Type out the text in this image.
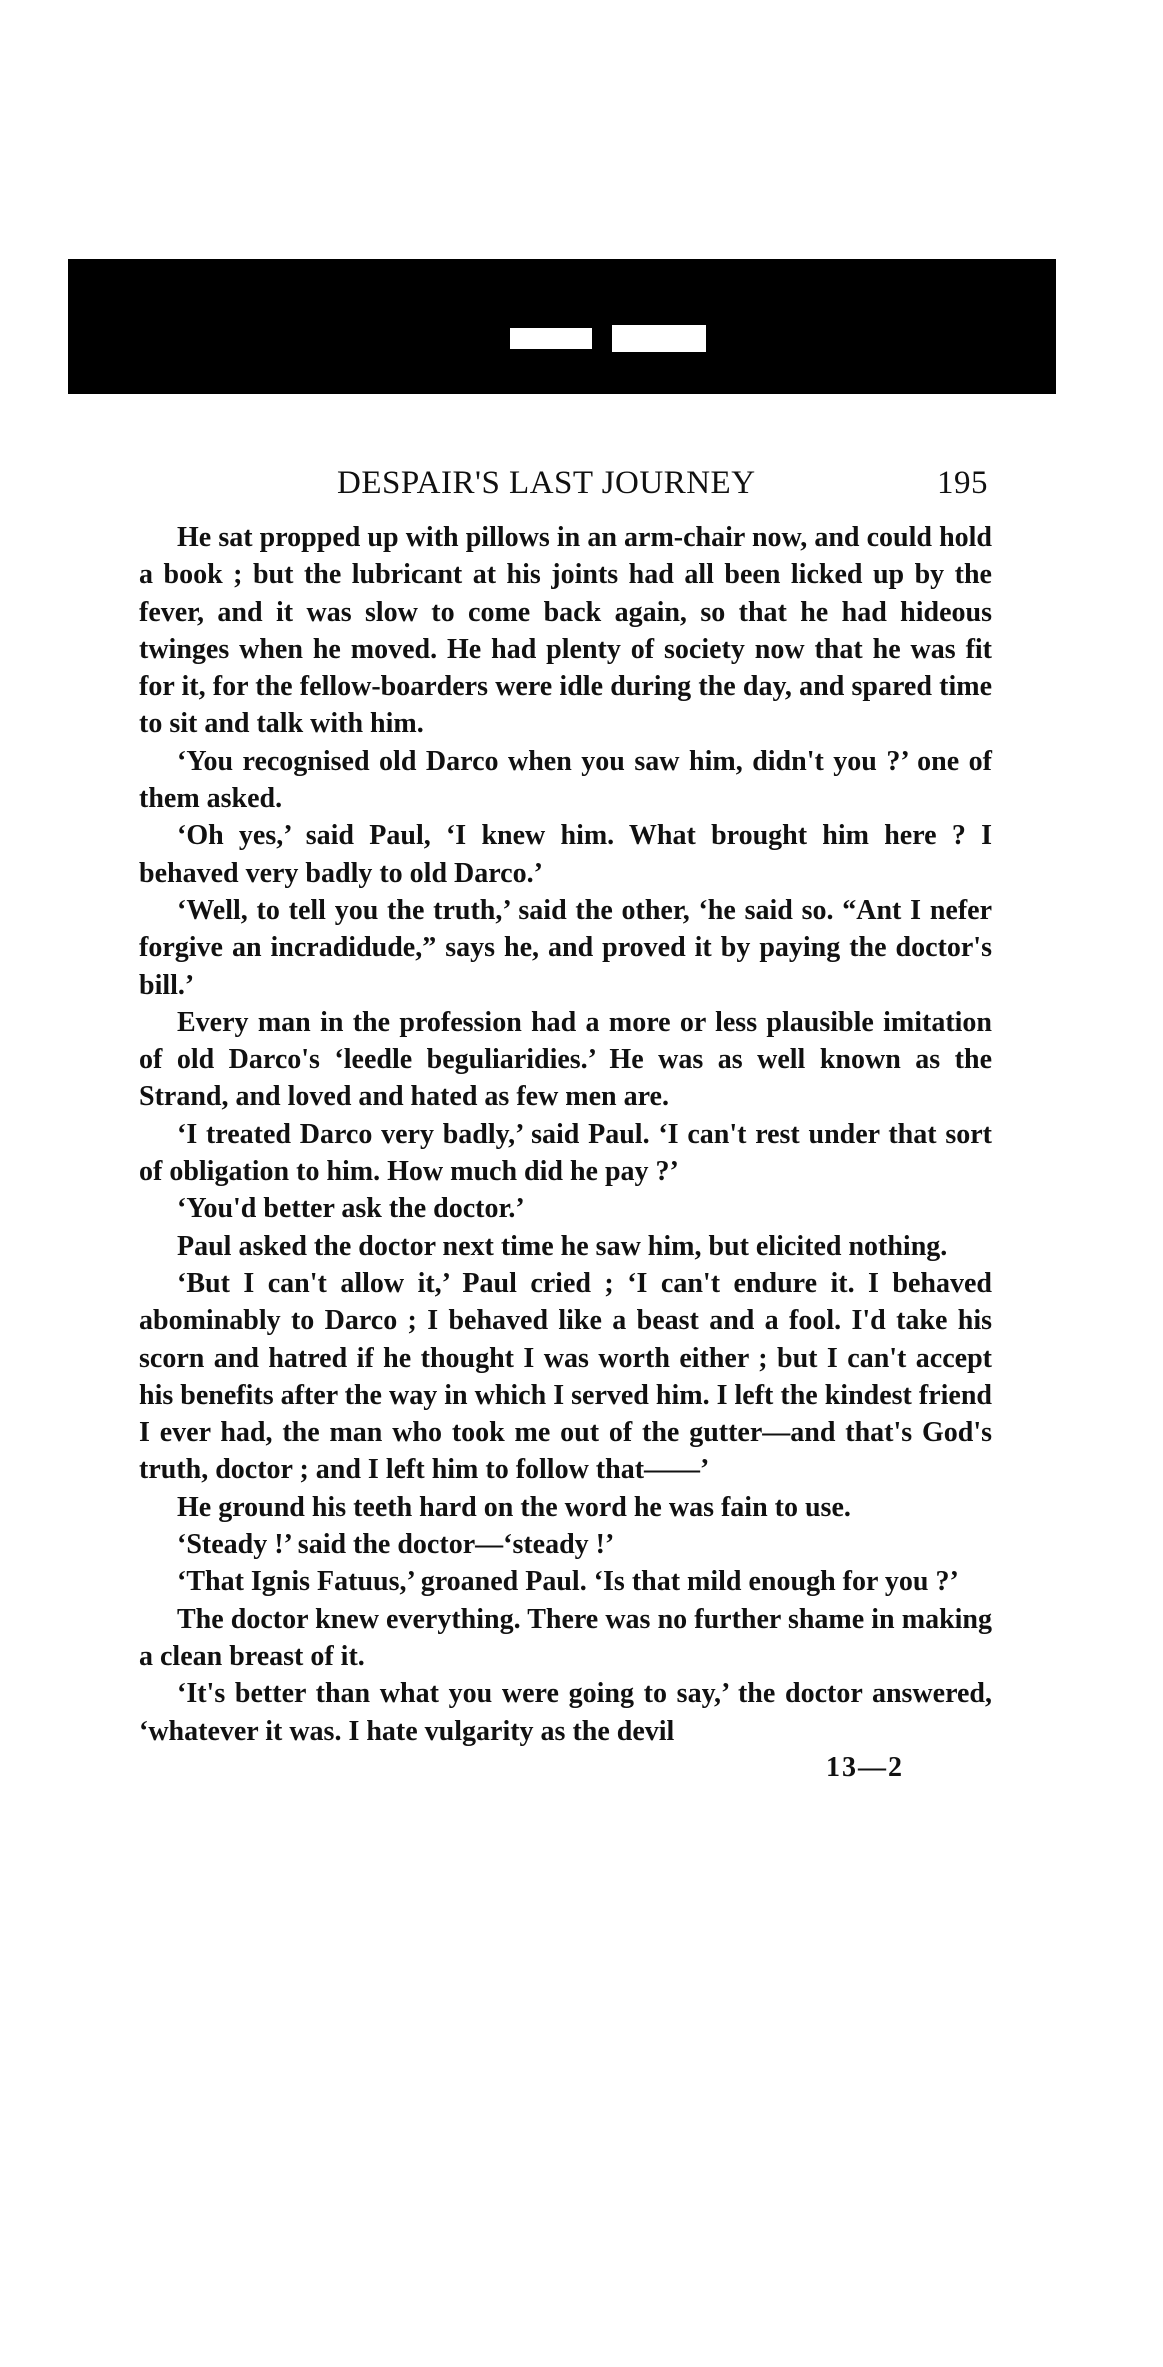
DESPAIR'S LAST JOURNEY	195

He sat propped up with pillows in an arm-chair now, and could hold a book ; but the lubricant at his joints had all been licked up by the fever, and it was slow to come back again, so that he had hideous twinges when he moved. He had plenty of society now that he was fit for it, for the fellow-boarders were idle during the day, and spared time to sit and talk with him.

‘You recognised old Darco when you saw him, didn't you ?’ one of them asked.

‘Oh yes,’ said Paul, ‘I knew him. What brought him here ? I behaved very badly to old Darco.’

‘Well, to tell you the truth,’ said the other, ‘he said so. “Ant I nefer forgive an incradidude,” says he, and proved it by paying the doctor's bill.’

Every man in the profession had a more or less plausible imitation of old Darco's ‘leedle beguliaridies.’ He was as well known as the Strand, and loved and hated as few men are.

‘I treated Darco very badly,’ said Paul. ‘I can't rest under that sort of obligation to him. How much did he pay ?’

‘You'd better ask the doctor.’

Paul asked the doctor next time he saw him, but elicited nothing.

‘But I can't allow it,’ Paul cried ; ‘I can't endure it. I behaved abominably to Darco ; I behaved like a beast and a fool. I'd take his scorn and hatred if he thought I was worth either ; but I can't accept his benefits after the way in which I served him. I left the kindest friend I ever had, the man who took me out of the gutter—and that's God's truth, doctor ; and I left him to follow that——’

He ground his teeth hard on the word he was fain to use.

‘Steady !’ said the doctor—‘steady !’

‘That Ignis Fatuus,’ groaned Paul. ‘Is that mild enough for you ?’

The doctor knew everything. There was no further shame in making a clean breast of it.

‘It's better than what you were going to say,’ the doctor answered, ‘whatever it was. I hate vulgarity as the devil

13—2
